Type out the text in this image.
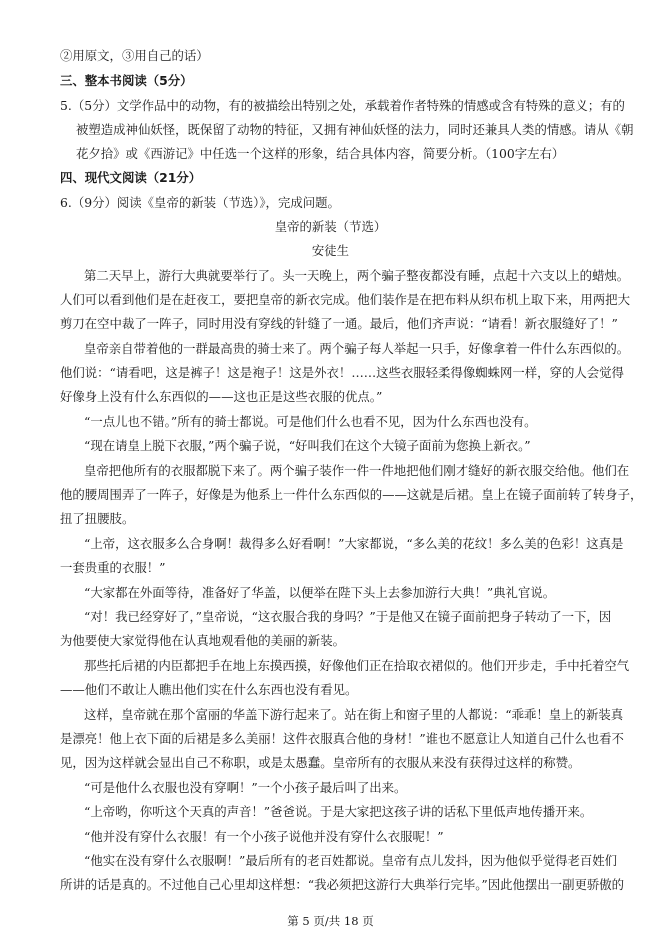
②用原文，③用自己的话）
三、整本书阅读（5分）
5.（5分）文学作品中的动物，有的被描绘出特别之处，承载着作者特殊的情感或含有特殊的意义；有的
被塑造成神仙妖怪，既保留了动物的特征，又拥有神仙妖怪的法力，同时还兼具人类的情感。请从《朝
花夕拾》或《西游记》中任选一个这样的形象，结合具体内容，简要分析。（100字左右）
四、现代文阅读（21分）
6.（9分）阅读《皇帝的新装（节选）》，完成问题。
皇帝的新装（节选）
安徒生
第二天早上，游行大典就要举行了。头一天晚上，两个骗子整夜都没有睡，点起十六支以上的蜡烛。
人们可以看到他们是在赶夜工，要把皇帝的新衣完成。他们装作是在把布料从织布机上取下来，用两把大
剪刀在空中裁了一阵子，同时用没有穿线的针缝了一通。最后，他们齐声说：“请看！新衣服缝好了！”
皇帝亲自带着他的一群最高贵的骑士来了。两个骗子每人举起一只手，好像拿着一件什么东西似的。
他们说：“请看吧，这是裤子！这是袍子！这是外衣！……这些衣服轻柔得像蜘蛛网一样，穿的人会觉得
好像身上没有什么东西似的——这也正是这些衣服的优点。”
“一点儿也不错。”所有的骑士都说。可是他们什么也看不见，因为什么东西也没有。
“现在请皇上脱下衣服，”两个骗子说，“好叫我们在这个大镜子面前为您换上新衣。”
皇帝把他所有的衣服都脱下来了。两个骗子装作一件一件地把他们刚才缝好的新衣服交给他。他们在
他的腰周围弄了一阵子，好像是为他系上一件什么东西似的——这就是后裙。皇上在镜子面前转了转身子，
扭了扭腰肢。
“上帝，这衣服多么合身啊！裁得多么好看啊！”大家都说，“多么美的花纹！多么美的色彩！这真是
一套贵重的衣服！”
“大家都在外面等待，准备好了华盖，以便举在陛下头上去参加游行大典！”典礼官说。
“对！我已经穿好了，”皇帝说，“这衣服合我的身吗？”于是他又在镜子面前把身子转动了一下，因
为他要使大家觉得他在认真地观看他的美丽的新装。
那些托后裙的内臣都把手在地上东摸西摸，好像他们正在拾取衣裙似的。他们开步走，手中托着空气
——他们不敢让人瞧出他们实在什么东西也没有看见。
这样，皇帝就在那个富丽的华盖下游行起来了。站在街上和窗子里的人都说：“乖乖！皇上的新装真
是漂亮！他上衣下面的后裙是多么美丽！这件衣服真合他的身材！”谁也不愿意让人知道自己什么也看不
见，因为这样就会显出自己不称职，或是太愚蠢。皇帝所有的衣服从来没有获得过这样的称赞。
“可是他什么衣服也没有穿啊！”一个小孩子最后叫了出来。
“上帝哟，你听这个天真的声音！”爸爸说。于是大家把这孩子讲的话私下里低声地传播开来。
“他并没有穿什么衣服！有一个小孩子说他并没有穿什么衣服呢！”
“他实在没有穿什么衣服啊！”最后所有的老百姓都说。皇帝有点儿发抖，因为他似乎觉得老百姓们
所讲的话是真的。不过他自己心里却这样想：“我必须把这游行大典举行完毕。”因此他摆出一副更骄傲的
第 5 页/共 18 页
